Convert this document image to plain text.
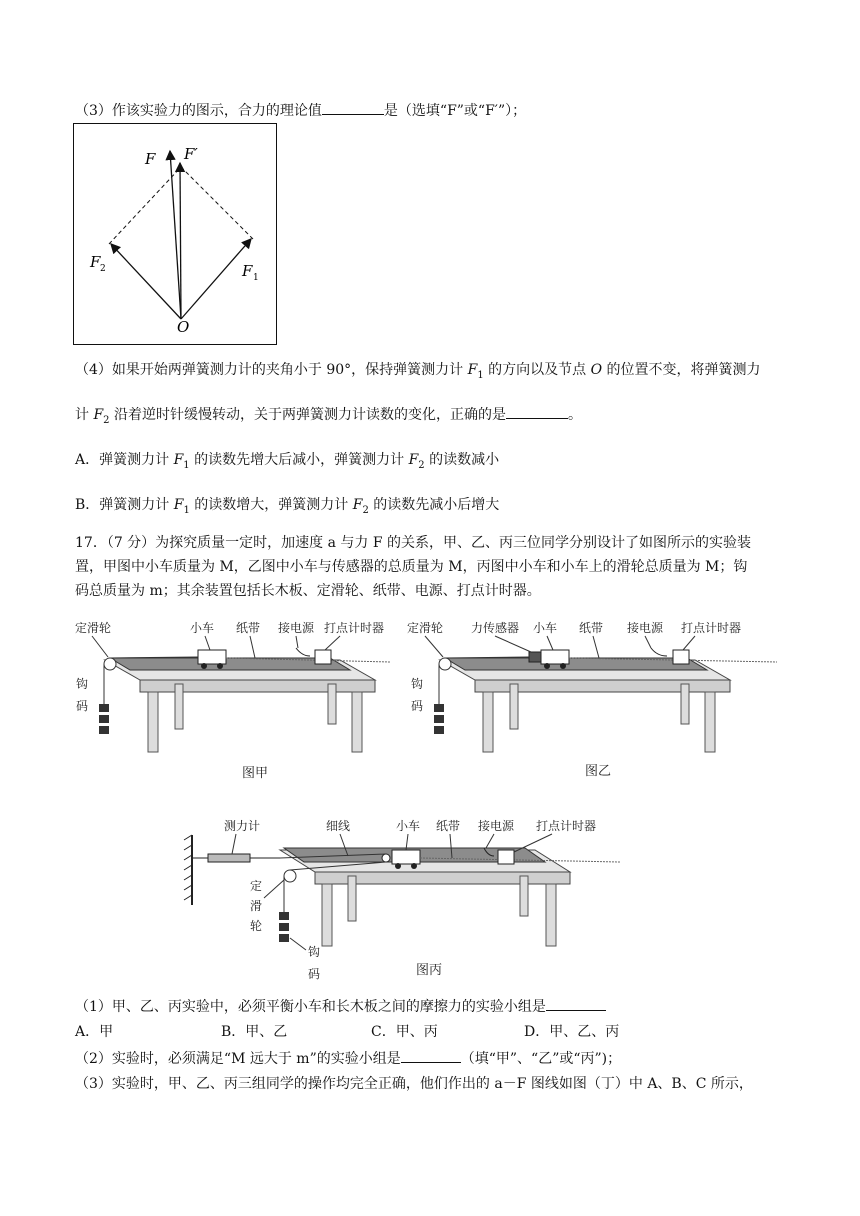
（3）作该实验力的图示，合力的理论值	是（选填“F”或“F′”）；
F F′
F 2	F 1
O
（4）如果开始两弹簧测力计的夹角小于 90°，保持弹簧测力计 $F_1$ 的方向以及节点 O 的位置不变，将弹簧测力
计 $F_2$ 沿着逆时针缓慢转动，关于两弹簧测力计读数的变化，正确的是	。
A．弹簧测力计 $F_1$ 的读数先增大后减小，弹簧测力计 $F_2$ 的读数减小
B．弹簧测力计 $F_1$ 的读数增大，弹簧测力计 $F_2$ 的读数先减小后增大
17．（7 分）为探究质量一定时，加速度 a 与力 F 的关系，甲、乙、丙三位同学分别设计了如图所示的实验装
置，甲图中小车质量为 M，乙图中小车与传感器的总质量为 M，丙图中小车和小车上的滑轮总质量为 M；钩
码总质量为 m；其余装置包括长木板、定滑轮、纸带、电源、打点计时器。
定滑轮	小车 纸带 接电源 打点计时器
钩
码
图甲
定滑轮 力传感器 小车 纸带 接电源 打点计时器
钩
码
图乙
测力计	细线	小车 纸带 接电源 打点计时器
定
滑
轮
钩
码	图丙
（1）甲、乙、丙实验中，必须平衡小车和长木板之间的摩擦力的实验小组是
A．甲	B．甲、乙	C．甲、丙	D．甲、乙、丙
（2）实验时，必须满足“M 远大于 m”的实验小组是	（填“甲”、“乙”或“丙”)；
（3）实验时，甲、乙、丙三组同学的操作均完全正确，他们作出的 a－F 图线如图（丁）中 A、B、C 所示，
